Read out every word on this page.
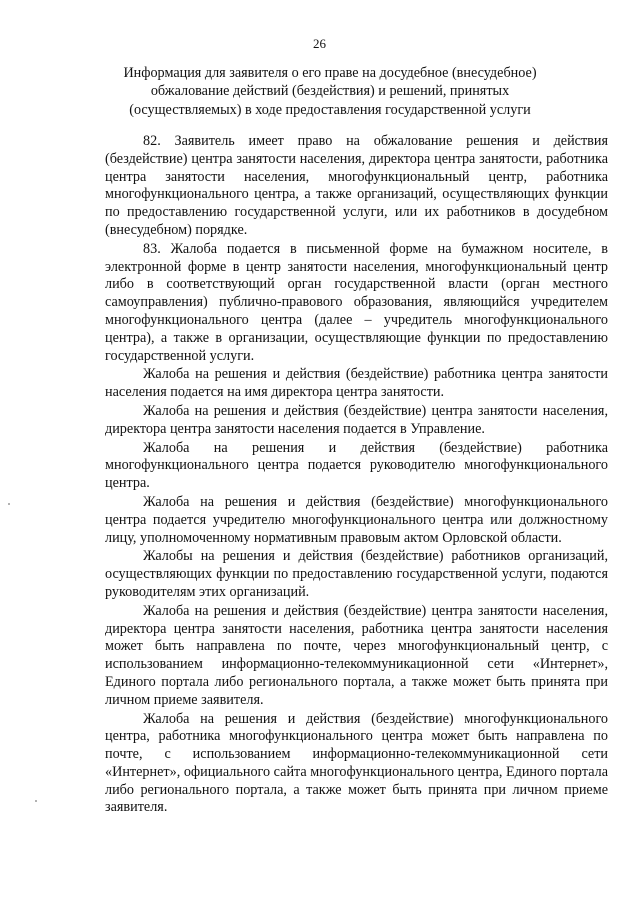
26
Информация для заявителя о его праве на досудебное (внесудебное)
обжалование действий (бездействия) и решений, принятых
(осуществляемых) в ходе предоставления государственной услуги

82. Заявитель имеет право на обжалование решения и действия (бездействие) центра занятости населения, директора центра занятости, работника центра занятости населения, многофункциональный центр, работника многофункционального центра, а также организаций, осуществляющих функции по предоставлению государственной услуги, или их работников в досудебном (внесудебном) порядке.

83. Жалоба подается в письменной форме на бумажном носителе, в электронной форме в центр занятости населения, многофункциональный центр либо в соответствующий орган государственной власти (орган местного самоуправления) публично-правового образования, являющийся учредителем многофункционального центра (далее – учредитель многофункционального центра), а также в организации, осуществляющие функции по предоставлению государственной услуги.

Жалоба на решения и действия (бездействие) работника центра занятости населения подается на имя директора центра занятости.

Жалоба на решения и действия (бездействие) центра занятости населения, директора центра занятости населения подается в Управление.

Жалоба на решения и действия (бездействие) работника многофункционального центра подается руководителю многофункционального центра.

Жалоба на решения и действия (бездействие) многофункционального центра подается учредителю многофункционального центра или должностному лицу, уполномоченному нормативным правовым актом Орловской области.

Жалобы на решения и действия (бездействие) работников организаций, осуществляющих функции по предоставлению государственной услуги, подаются руководителям этих организаций.

Жалоба на решения и действия (бездействие) центра занятости населения, директора центра занятости населения, работника центра занятости населения может быть направлена по почте, через многофункциональный центр, с использованием информационно-телекоммуникационной сети «Интернет», Единого портала либо регионального портала, а также может быть принята при личном приеме заявителя.

Жалоба на решения и действия (бездействие) многофункционального центра, работника многофункционального центра может быть направлена по почте, с использованием информационно-телекоммуникационной сети «Интернет», официального сайта многофункционального центра, Единого портала либо регионального портала, а также может быть принята при личном приеме заявителя.
